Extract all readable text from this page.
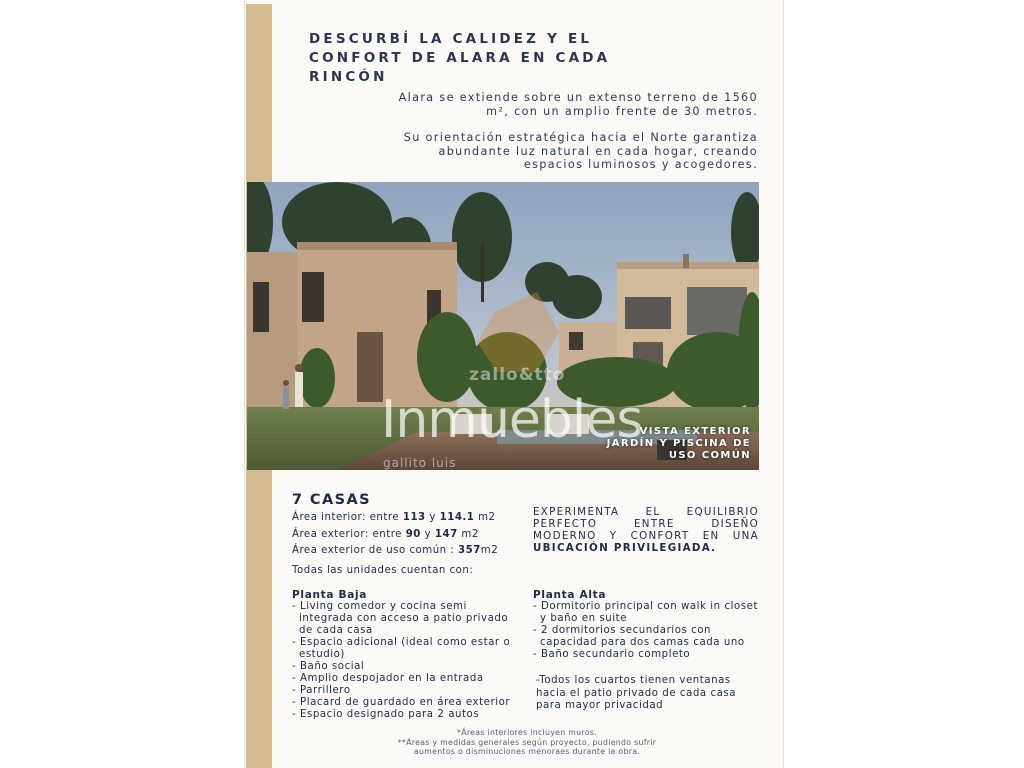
DESCURBÍ LA CALIDEZ Y EL CONFORT DE ALARA EN CADA RINCÓN

Alara se extiende sobre un extenso terreno de 1560 m², con un amplio frente de 30 metros.

Su orientación estratégica hacia el Norte garantiza abundante luz natural en cada hogar, creando espacios luminosos y acogedores.

zallo&tto
Inmuebles
gallito luis

VISTA EXTERIOR
JARDÍN Y PISCINA DE
USO COMÚN

7 CASAS
Área interior: entre 113 y 114.1 m2
Área exterior: entre 90 y 147 m2
Área exterior de uso común : 357m2
Todas las unidades cuentan con:
Planta Baja
- Living comedor y cocina semi integrada con acceso a patio privado de cada casa
- Espacio adicional (ideal como estar o estudio)
- Baño social
- Amplio despojador en la entrada
- Parrillero
- Placard de guardado en área exterior
- Espacio designado para 2 autos

EXPERIMENTA EL EQUILIBRIO PERFECTO ENTRE DISEÑO MODERNO Y CONFORT EN UNA UBICACIÓN PRIVILEGIADA.

Planta Alta
- Dormitorio principal con walk in closet y baño en suite
- 2 dormitorios secundarios con capacidad para dos camas cada uno
- Baño secundario completo
-Todos los cuartos tienen ventanas hacia el patio privado de cada casa para mayor privacidad
*Áreas interiores incluyen muros.
**Áreas y medidas generales según proyecto, pudiendo sufrir
aumentos o disminuciones menoraes durante la obra.
